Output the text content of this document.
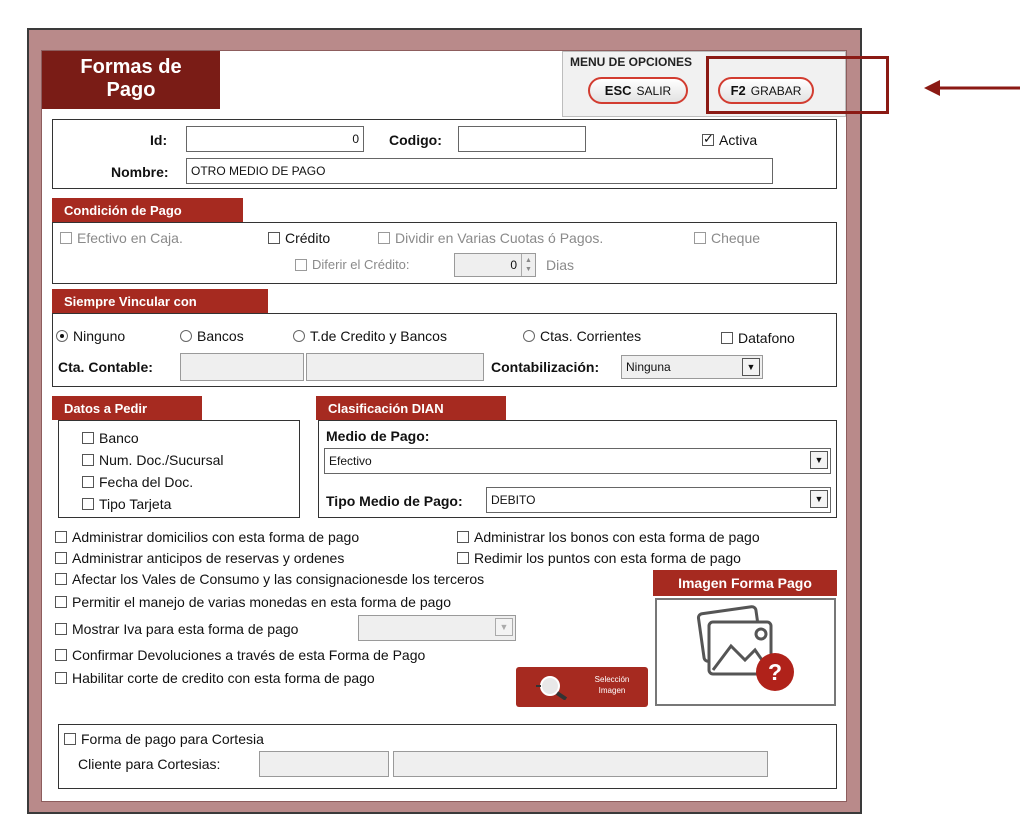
Formas de Pago
MENU DE OPCIONES
ESC SALIR	F2 GRABAR
Id:	0	Codigo:
✓	Activa
Nombre:	OTRO MEDIO DE PAGO
Condición de Pago
Efectivo en Caja.	Crédito	Dividir en Varias Cuotas ó Pagos.	Cheque
Diferir el Crédito:	0	▲
▼ Dias
Siempre Vincular con
Ninguno	Bancos	T.de Credito y Bancos	Ctas. Corrientes	Datafono
Cta. Contable:	Contabilización: Ninguna	▼
Datos a Pedir
Banco
Num. Doc./Sucursal
Fecha del Doc.
Tipo Tarjeta
Clasificación DIAN
Medio de Pago:
Efectivo	▼
Tipo Medio de Pago: DEBITO	▼
Administrar domicilios con esta forma de pago	Administrar los bonos con esta forma de pago
Administrar anticipos de reservas y ordenes	Redimir los puntos con esta forma de pago
Afectar los Vales de Consumo y las consignacionesde los terceros
Permitir el manejo de varias monedas en esta forma de pago
Mostrar Iva para esta forma de pago	▼
Confirmar Devoluciones a través de esta Forma de Pago
Habilitar corte de credito con esta forma de pago
Imagen Forma Pago
?
Selección
Imagen
Forma de pago para Cortesia
Cliente para Cortesias:
